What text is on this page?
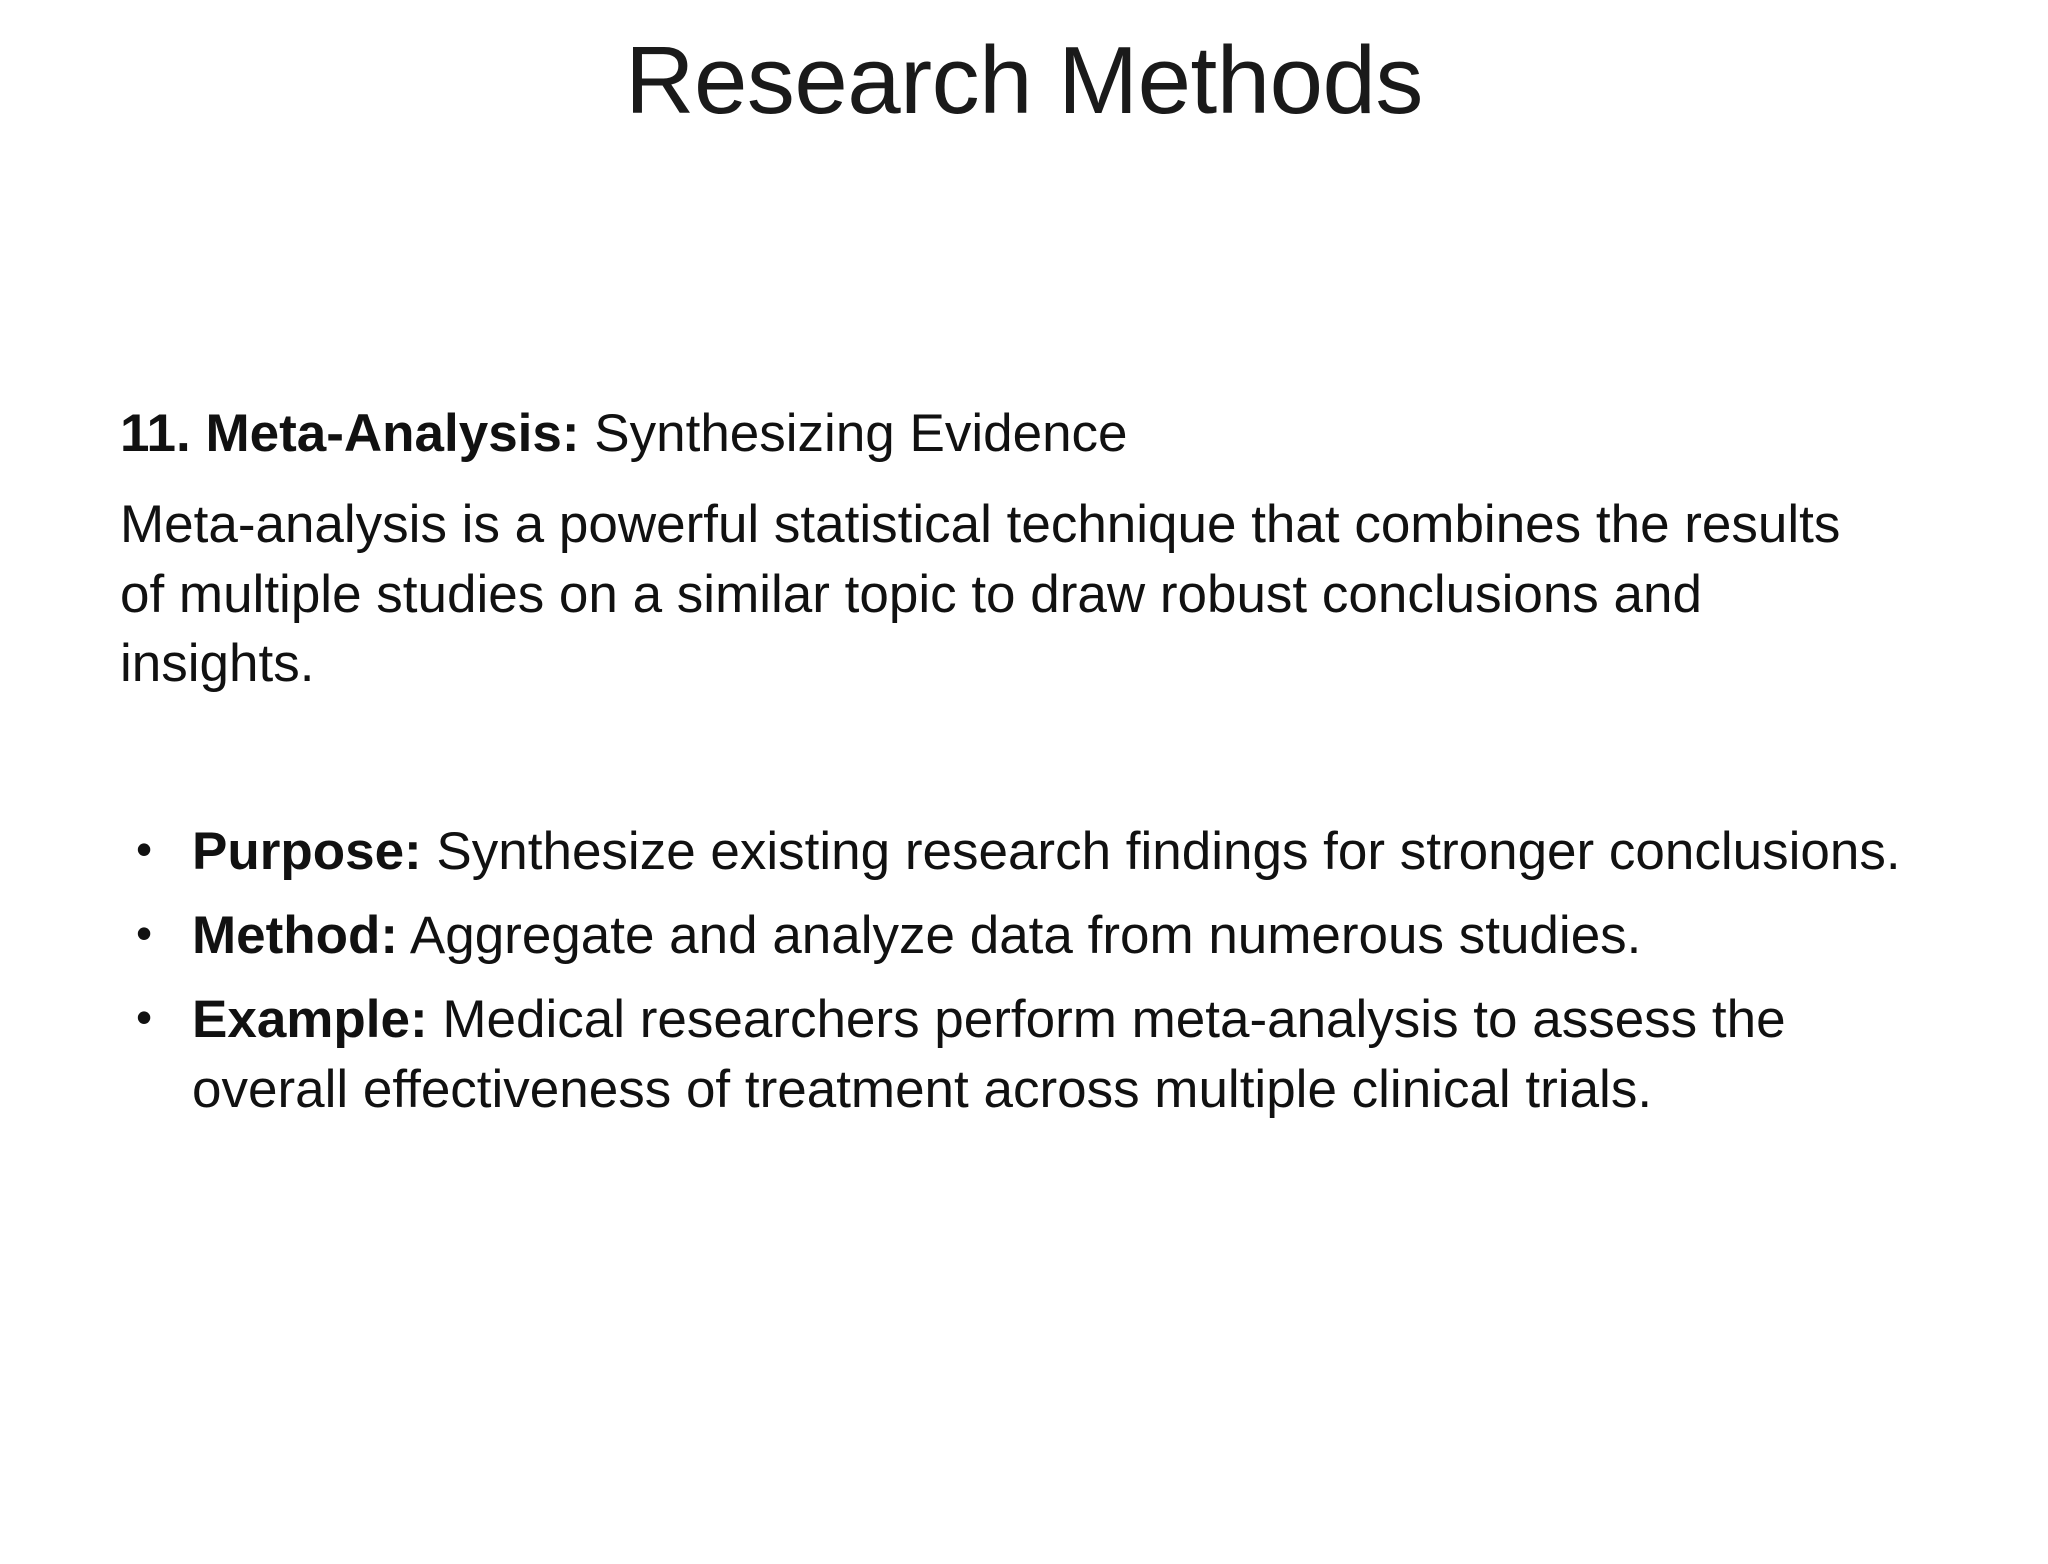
Research Methods

11. Meta-Analysis: Synthesizing Evidence

Meta-analysis is a powerful statistical technique that combines the results of multiple studies on a similar topic to draw robust conclusions and insights.

• Purpose: Synthesize existing research findings for stronger conclusions.
• Method: Aggregate and analyze data from numerous studies.
• Example: Medical researchers perform meta-analysis to assess the overall effectiveness of treatment across multiple clinical trials.
